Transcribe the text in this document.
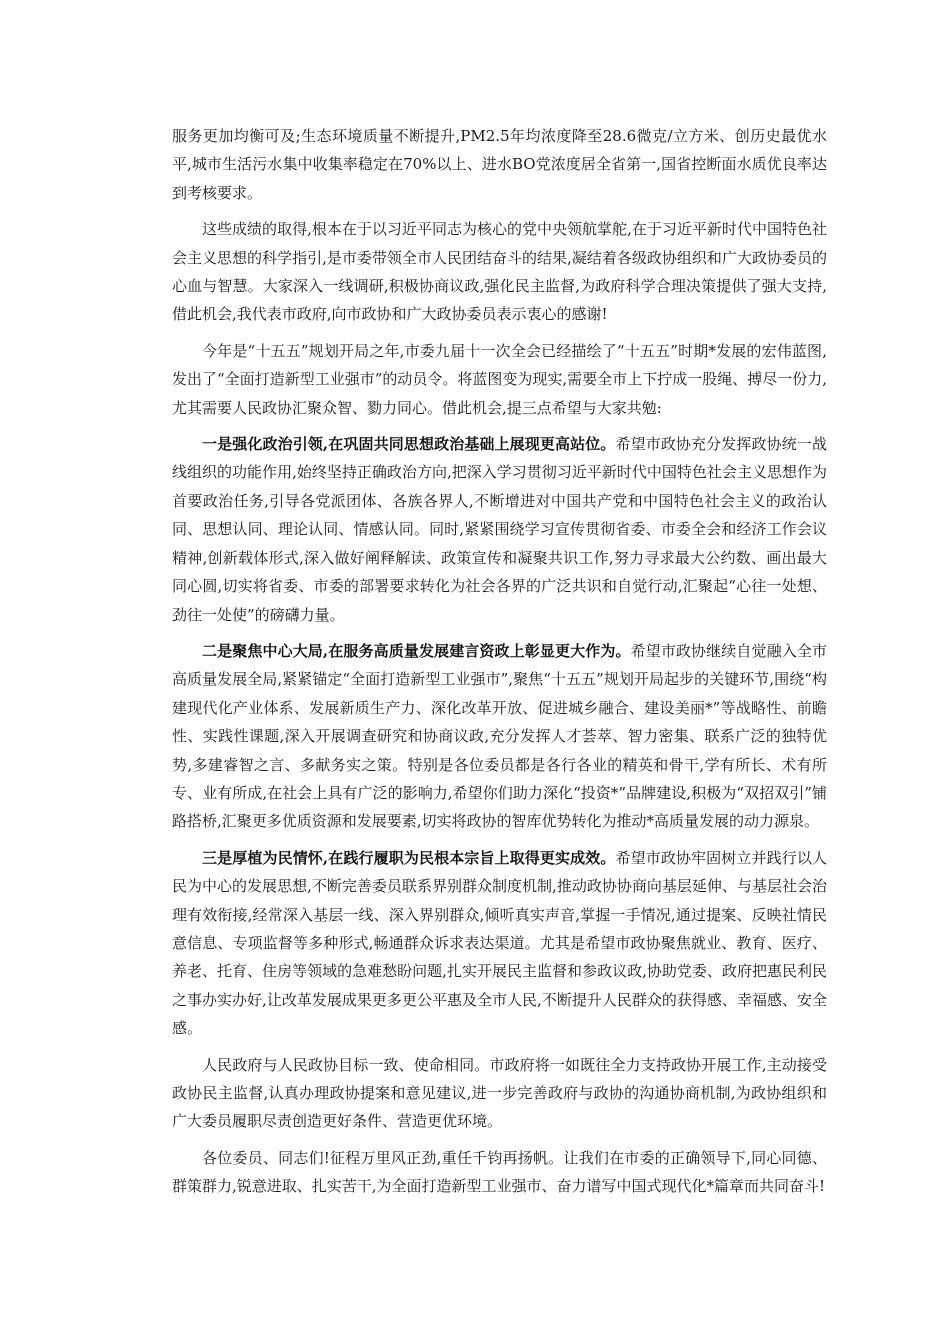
服务更加均衡可及;生态环境质量不断提升,PM2.5年均浓度降至28.6微克/立方米、创历史最优水平,城市生活污水集中收集率稳定在70%以上、进水BO党浓度居全省第一,国省控断面水质优良率达到考核要求。

这些成绩的取得,根本在于以习近平同志为核心的党中央领航掌舵,在于习近平新时代中国特色社会主义思想的科学指引,是市委带领全市人民团结奋斗的结果,凝结着各级政协组织和广大政协委员的心血与智慧。大家深入一线调研,积极协商议政,强化民主监督,为政府科学合理决策提供了强大支持,借此机会,我代表市政府,向市政协和广大政协委员表示衷心的感谢!

今年是“十五五”规划开局之年,市委九届十一次全会已经描绘了“十五五”时期*发展的宏伟蓝图,发出了“全面打造新型工业强市”的动员令。将蓝图变为现实,需要全市上下拧成一股绳、搏尽一份力,尤其需要人民政协汇聚众智、勠力同心。借此机会,提三点希望与大家共勉:

一是强化政治引领,在巩固共同思想政治基础上展现更高站位。希望市政协充分发挥政协统一战线组织的功能作用,始终坚持正确政治方向,把深入学习贯彻习近平新时代中国特色社会主义思想作为首要政治任务,引导各党派团体、各族各界人,不断增进对中国共产党和中国特色社会主义的政治认同、思想认同、理论认同、情感认同。同时,紧紧围绕学习宣传贯彻省委、市委全会和经济工作会议精神,创新载体形式,深入做好阐释解读、政策宣传和凝聚共识工作,努力寻求最大公约数、画出最大同心圆,切实将省委、市委的部署要求转化为社会各界的广泛共识和自觉行动,汇聚起“心往一处想、劲往一处使”的磅礴力量。

二是聚焦中心大局,在服务高质量发展建言资政上彰显更大作为。希望市政协继续自觉融入全市高质量发展全局,紧紧锚定“全面打造新型工业强市”,聚焦“十五五”规划开局起步的关键环节,围绕“构建现代化产业体系、发展新质生产力、深化改革开放、促进城乡融合、建设美丽*”等战略性、前瞻性、实践性课题,深入开展调查研究和协商议政,充分发挥人才荟萃、智力密集、联系广泛的独特优势,多建睿智之言、多献务实之策。特别是各位委员都是各行各业的精英和骨干,学有所长、术有所专、业有所成,在社会上具有广泛的影响力,希望你们助力深化“投资*”品牌建设,积极为“双招双引”铺路搭桥,汇聚更多优质资源和发展要素,切实将政协的智库优势转化为推动*高质量发展的动力源泉。

三是厚植为民情怀,在践行履职为民根本宗旨上取得更实成效。希望市政协牢固树立并践行以人民为中心的发展思想,不断完善委员联系界别群众制度机制,推动政协协商向基层延伸、与基层社会治理有效衔接,经常深入基层一线、深入界别群众,倾听真实声音,掌握一手情况,通过提案、反映社情民意信息、专项监督等多种形式,畅通群众诉求表达渠道。尤其是希望市政协聚焦就业、教育、医疗、养老、托育、住房等领域的急难愁盼问题,扎实开展民主监督和参政议政,协助党委、政府把惠民利民之事办实办好,让改革发展成果更多更公平惠及全市人民,不断提升人民群众的获得感、幸福感、安全感。

人民政府与人民政协目标一致、使命相同。市政府将一如既往全力支持政协开展工作,主动接受政协民主监督,认真办理政协提案和意见建议,进一步完善政府与政协的沟通协商机制,为政协组织和广大委员履职尽责创造更好条件、营造更优环境。

各位委员、同志们!征程万里风正劲,重任千钧再扬帆。让我们在市委的正确领导下,同心同德、群策群力,锐意进取、扎实苦干,为全面打造新型工业强市、奋力谱写中国式现代化*篇章而共同奋斗!
